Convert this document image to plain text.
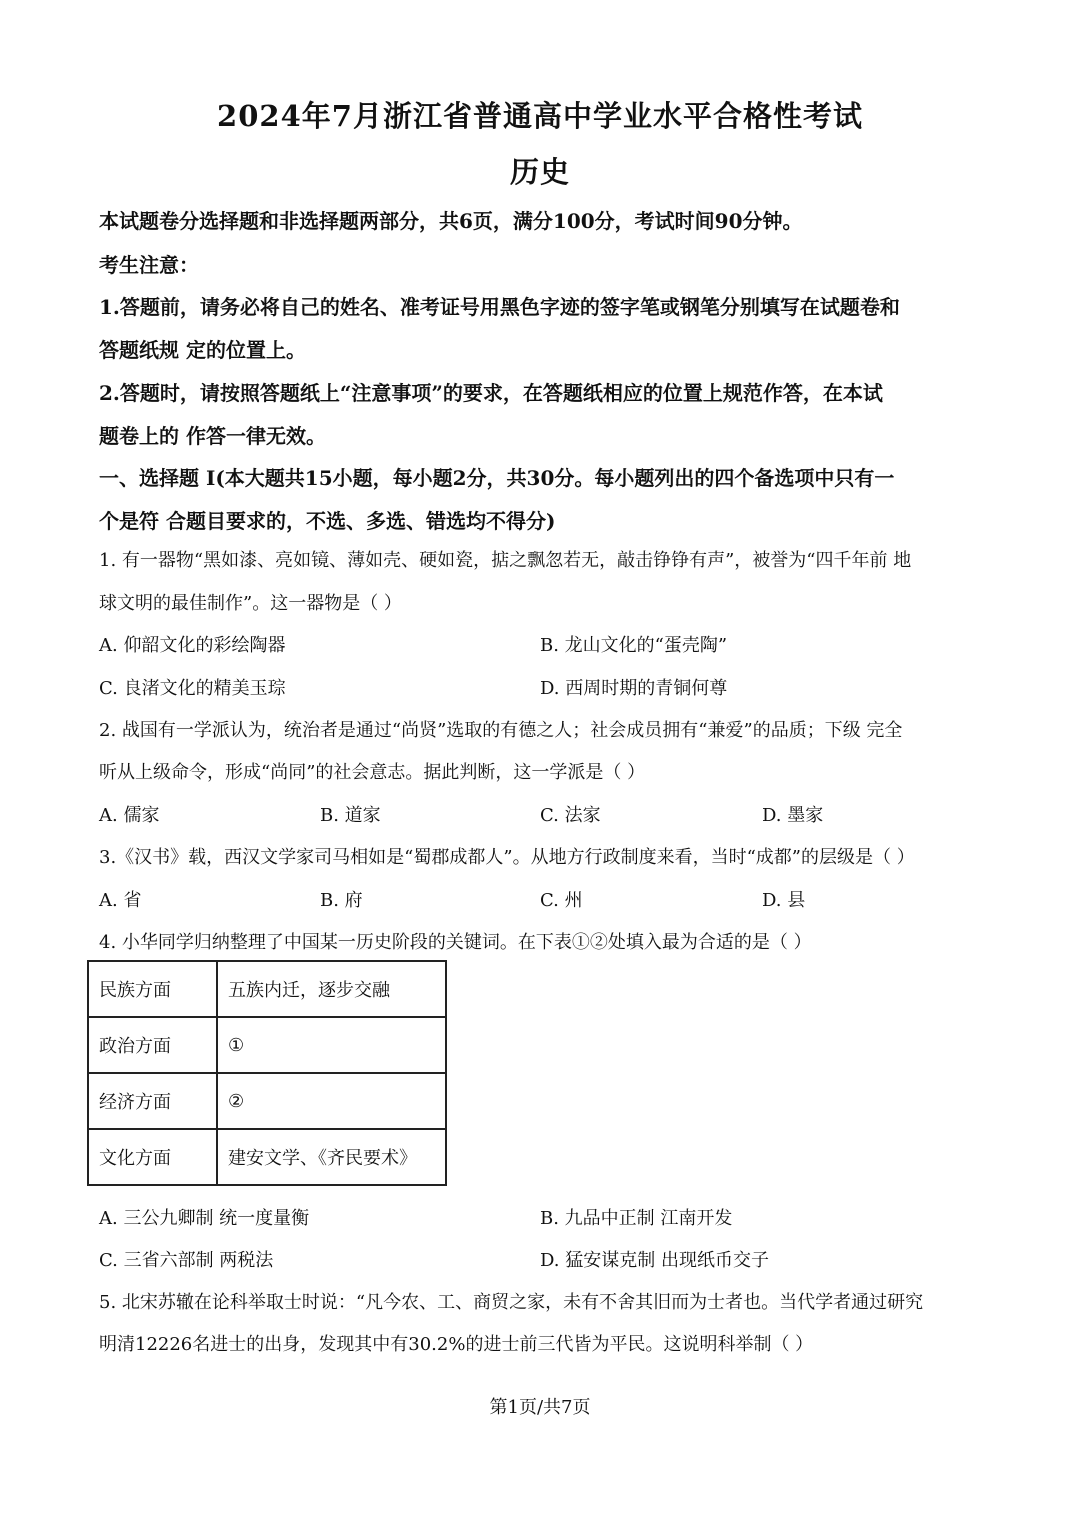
2024年7月浙江省普通高中学业水平合格性考试
历史
本试题卷分选择题和非选择题两部分，共6页，满分100分，考试时间90分钟。
考生注意：
1.答题前，请务必将自己的姓名、准考证号用黑色字迹的签字笔或钢笔分别填写在试题卷和
答题纸规 定的位置上。
2.答题时，请按照答题纸上“注意事项”的要求，在答题纸相应的位置上规范作答，在本试
题卷上的 作答一律无效。
一、选择题 I(本大题共15小题，每小题2分，共30分。每小题列出的四个备选项中只有一
个是符 合题目要求的，不选、多选、错选均不得分)
1. 有一器物“黑如漆、亮如镜、薄如壳、硬如瓷，掂之飘忽若无，敲击铮铮有声”，被誉为“四千年前 地
球文明的最佳制作”。这一器物是（ ）
A. 仰韶文化的彩绘陶器	B. 龙山文化的“蛋壳陶”
C. 良渚文化的精美玉琮	D. 西周时期的青铜何尊
2. 战国有一学派认为，统治者是通过“尚贤”选取的有德之人；社会成员拥有“兼爱”的品质；下级 完全
听从上级命令，形成“尚同”的社会意志。据此判断，这一学派是（ ）
A. 儒家	B. 道家	C. 法家	D. 墨家
3.《汉书》载，西汉文学家司马相如是“蜀郡成都人”。从地方行政制度来看，当时“成都”的层级是（ ）
A. 省	B. 府	C. 州	D. 县
4. 小华同学归纳整理了中国某一历史阶段的关键词。在下表①②处填入最为合适的是（ ）
民族方面	五族内迁，逐步交融
政治方面	①
经济方面	②
文化方面	建安文学、《齐民要术》
A. 三公九卿制 统一度量衡	B. 九品中正制 江南开发
C. 三省六部制 两税法	D. 猛安谋克制 出现纸币交子
5. 北宋苏辙在论科举取士时说：“凡今农、工、商贸之家，未有不舍其旧而为士者也。当代学者通过研究
明清12226名进士的出身，发现其中有30.2%的进士前三代皆为平民。这说明科举制（ ）
第1页/共7页
